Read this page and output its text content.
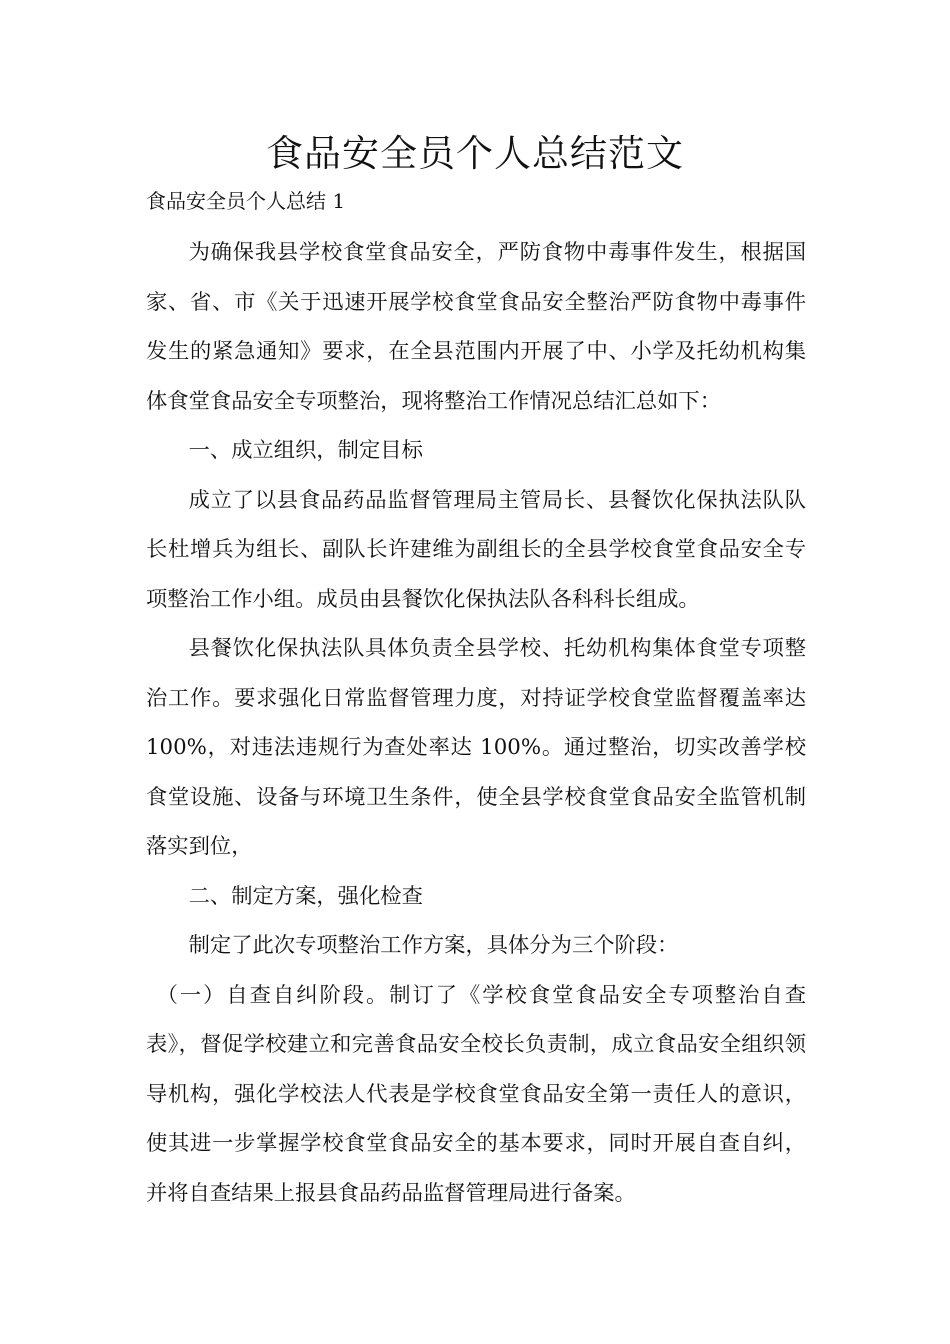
食品安全员个人总结范文
食品安全员个人总结 1

为确保我县学校食堂食品安全，严防食物中毒事件发生，根据国家、省、市《关于迅速开展学校食堂食品安全整治严防食物中毒事件发生的紧急通知》要求，在全县范围内开展了中、小学及托幼机构集体食堂食品安全专项整治，现将整治工作情况总结汇总如下：

一、成立组织，制定目标

成立了以县食品药品监督管理局主管局长、县餐饮化保执法队队长杜增兵为组长、副队长许建维为副组长的全县学校食堂食品安全专项整治工作小组。成员由县餐饮化保执法队各科科长组成。

县餐饮化保执法队具体负责全县学校、托幼机构集体食堂专项整治工作。要求强化日常监督管理力度，对持证学校食堂监督覆盖率达 100%，对违法违规行为查处率达 100%。通过整治，切实改善学校食堂设施、设备与环境卫生条件，使全县学校食堂食品安全监管机制落实到位，

二、制定方案，强化检查

制定了此次专项整治工作方案，具体分为三个阶段：

（一）自查自纠阶段。制订了《学校食堂食品安全专项整治自查表》，督促学校建立和完善食品安全校长负责制，成立食品安全组织领导机构，强化学校法人代表是学校食堂食品安全第一责任人的意识，使其进一步掌握学校食堂食品安全的基本要求，同时开展自查自纠，并将自查结果上报县食品药品监督管理局进行备案。
